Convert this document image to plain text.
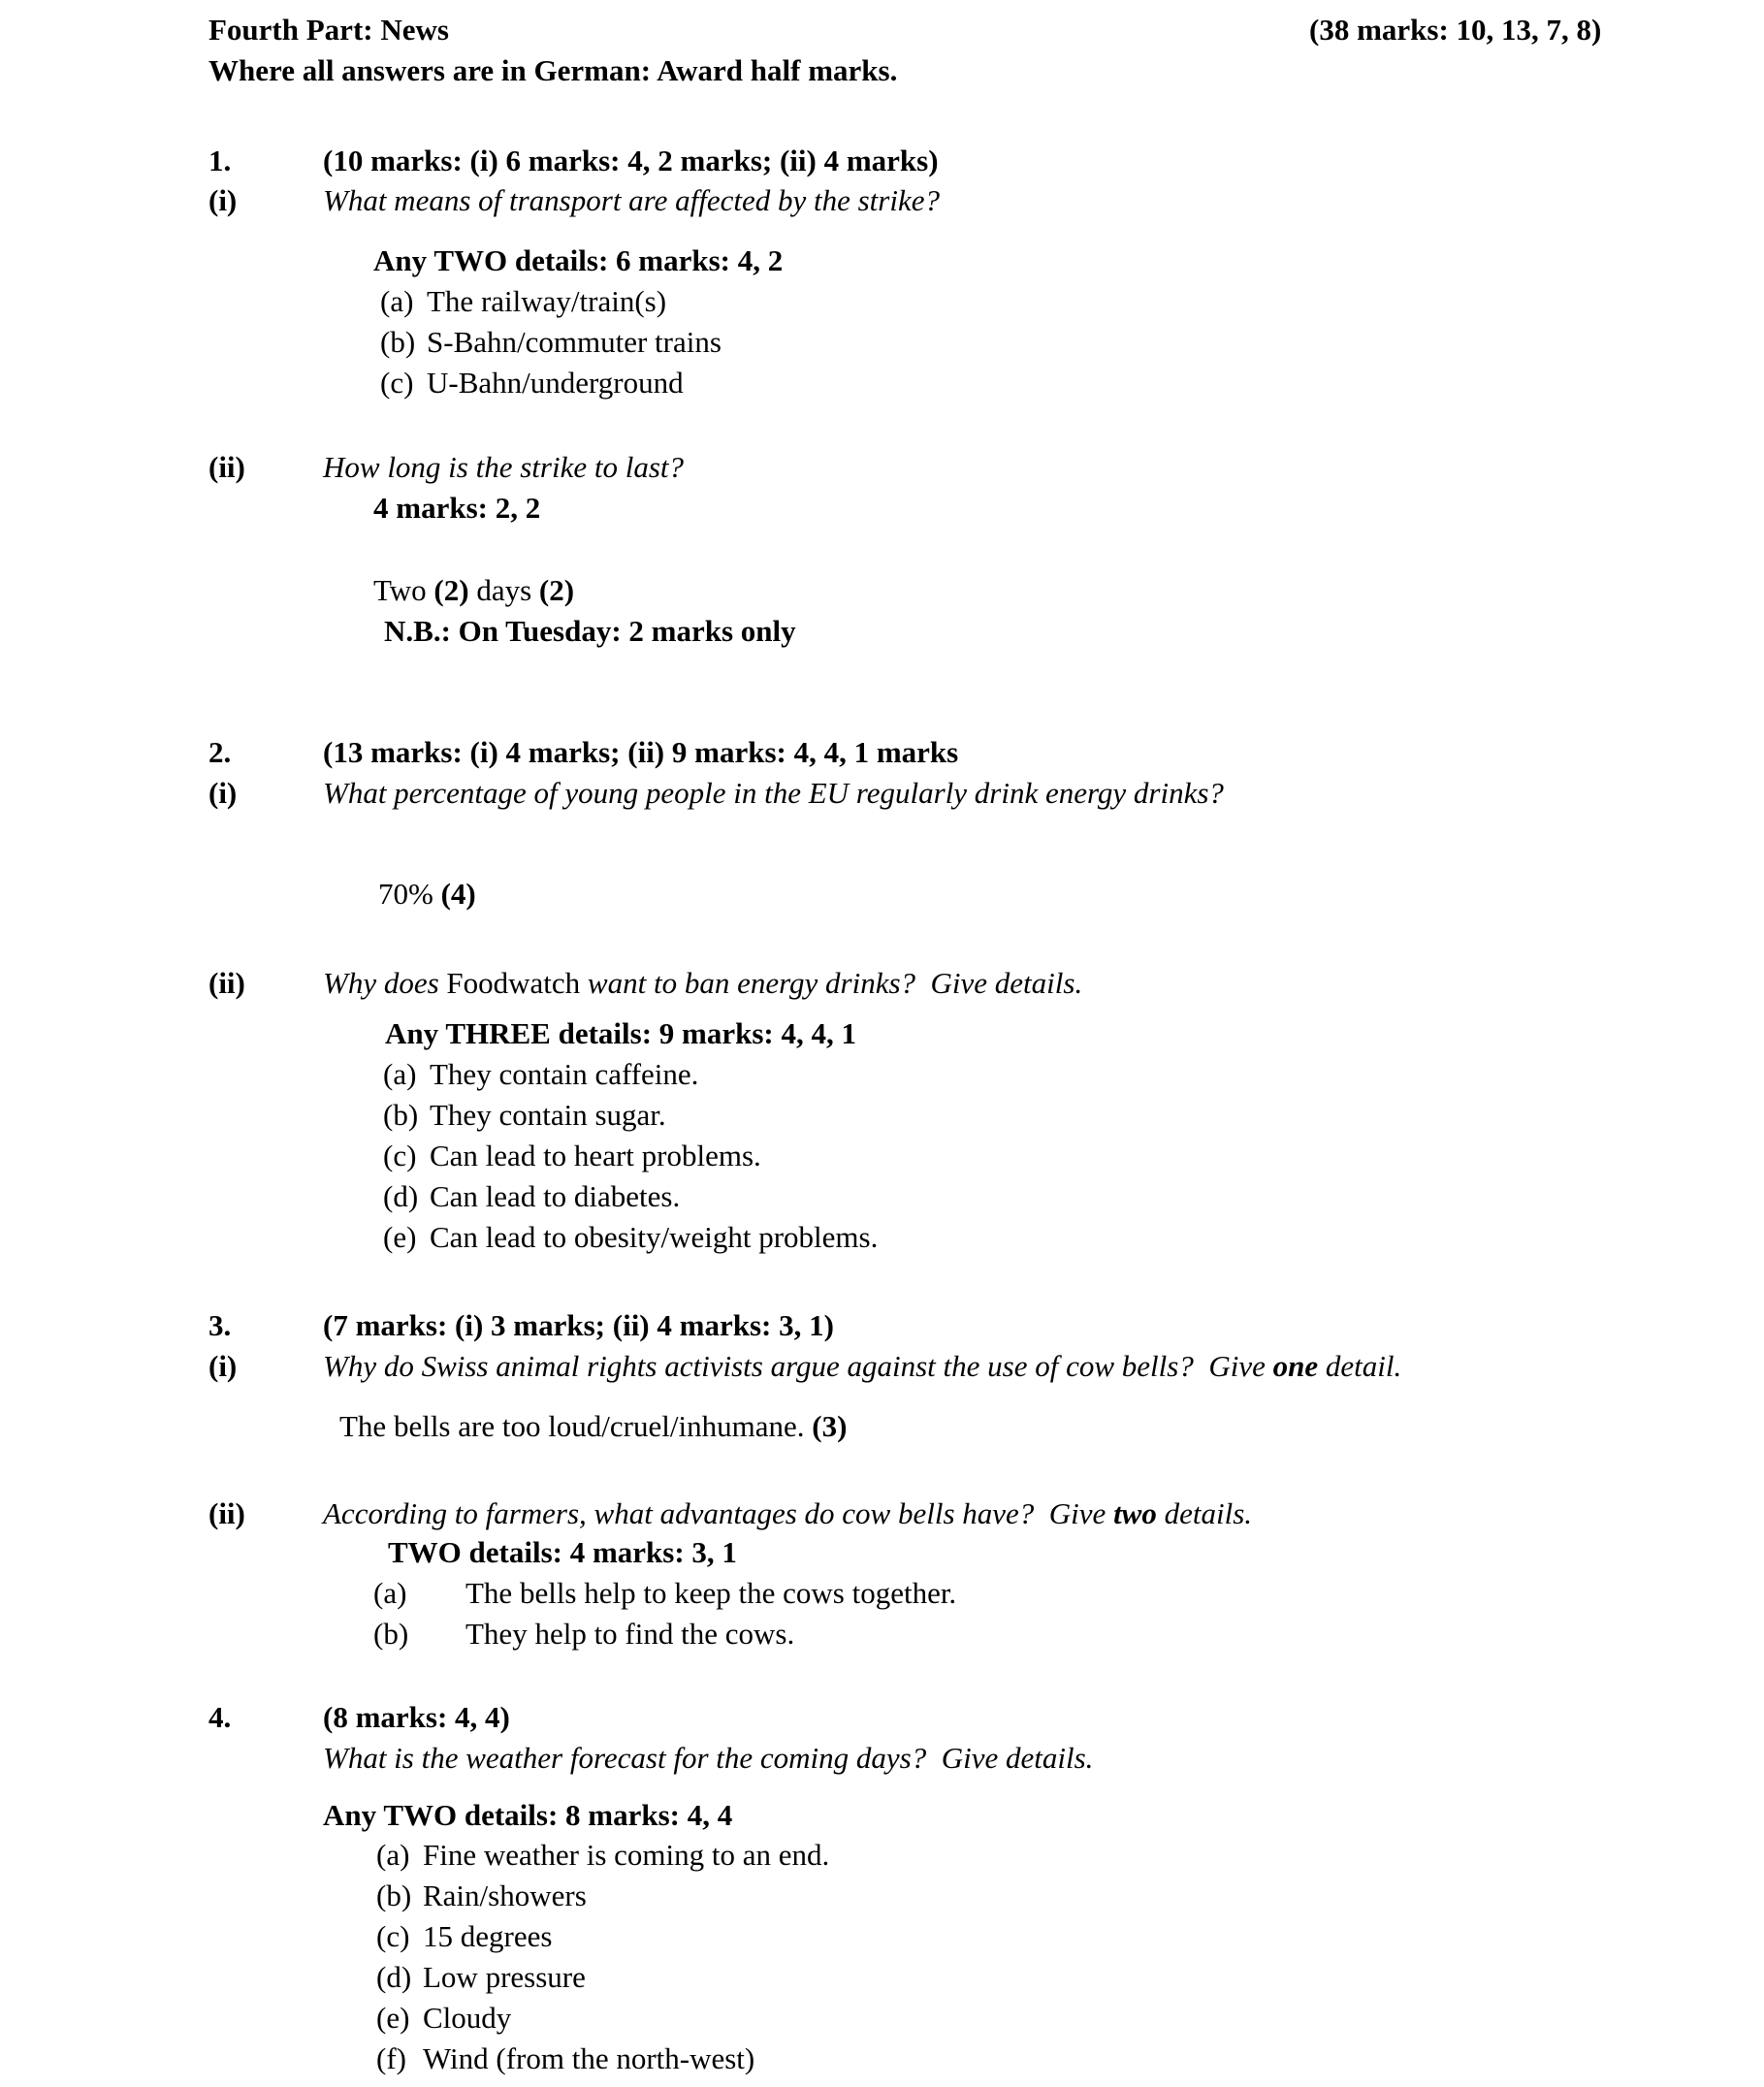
Fourth Part: News	(38 marks: 10, 13, 7, 8)
Where all answers are in German: Award half marks.
1.	(10 marks: (i) 6 marks: 4, 2 marks; (ii) 4 marks)
(i)	What means of transport are affected by the strike?
Any TWO details: 6 marks: 4, 2
(a) The railway/train(s)
(b) S-Bahn/commuter trains
(c) U-Bahn/underground
(ii)	How long is the strike to last?
4 marks: 2, 2
Two (2) days (2)
N.B.: On Tuesday: 2 marks only
2.	(13 marks: (i) 4 marks; (ii) 9 marks: 4, 4, 1 marks
(i)	What percentage of young people in the EU regularly drink energy drinks?
70% (4)
(ii)	Why does Foodwatch want to ban energy drinks?  Give details.
Any THREE details: 9 marks: 4, 4, 1
(a) They contain caffeine.
(b) They contain sugar.
(c) Can lead to heart problems.
(d) Can lead to diabetes.
(e) Can lead to obesity/weight problems.
3.	(7 marks: (i) 3 marks; (ii) 4 marks: 3, 1)
(i)	Why do Swiss animal rights activists argue against the use of cow bells?  Give one detail.
The bells are too loud/cruel/inhumane. (3)
(ii)	According to farmers, what advantages do cow bells have?  Give two details.
TWO details: 4 marks: 3, 1
(a) The bells help to keep the cows together.
(b) They help to find the cows.
4.	(8 marks: 4, 4)
What is the weather forecast for the coming days?  Give details.
Any TWO details: 8 marks: 4, 4
(a) Fine weather is coming to an end.
(b) Rain/showers
(c) 15 degrees
(d) Low pressure
(e) Cloudy
(f) Wind (from the north-west)
